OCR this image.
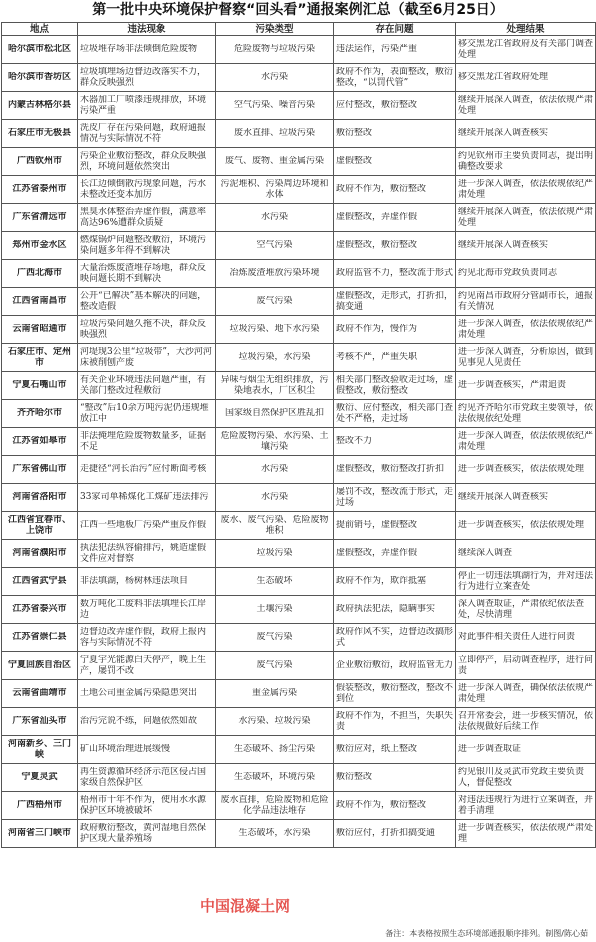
第一批中央环境保护督察“回头看”通报案例汇总（截至6月25日）
地点	违法现象	污染类型	存在问题	处理结果

哈尔滨市松北区	垃圾堆存场非法倾倒危险废物	危险废物与垃圾污染	违法运作，污染严重	移交黑龙江省政府及有关部门调查处理

哈尔滨市香坊区	垃圾填埋场边督边改落实不力，群众反映强烈	水污染	政府不作为，表面整改，敷衍整改，“以罚代管”	移交黑龙江省政府处理

内蒙古林格尔县	木器加工厂喷漆违规排放，环境污染严重	空气污染、噪音污染	应付整改，敷衍整改	继续开展深入调查，依法依规严肃处理

石家庄市无极县	洗皮厂存在污染问题，政府通报情况与实际情况不符	废水直排、垃圾污染	敷衍整改	继续开展深入调查核实

广西钦州市	污染企业敷衍整改，群众反映强烈，环境问题依然突出	废气、废物、重金属污染	虚假整改	约见钦州市主要负责同志，提出明确整改要求

江苏省泰州市	长江边倾倒散污现象问题，污水未整改还变本加厉	污泥堆积、污染周边环境和水体	政府不作为，敷衍整改	进一步深入调查，依法依规依纪严肃处理

广东省清远市	黑臭水体整治弄虚作假，满意率高达96%遭群众质疑	水污染	虚假整改，弄虚作假	继续开展深入调查，依法依规严肃处理

郑州市金水区	燃煤锅炉问题整改敷衍，环境污染问题多年得不到解决	空气污染	虚假整改，敷衍整改	继续开展深入调查核实

广西北海市	大量治炼废渣堆存场地，群众反映问题长期不到解决	冶炼废渣堆放污染环境	政府监管不力，整改流于形式	约见北海市党政负责同志

江西省南昌市	公开“已解决”基本解决的问题，整改造假	废气污染	虚假整改，走形式，打折扣，搞变通	约见南昌市政府分管副市长，通报有关情况

云南省昭通市	垃圾污染问题久拖不决，群众反映强烈	垃圾污染、地下水污染	政府不作为，慢作为	进一步深入调查，依法依规依纪严肃处理

石家庄市、定州市	河堤现3公里“垃圾带”，大沙河河床被削刨产废	垃圾污染，水污染	考核不严，严重失职	进一步深入调查，分析原因，做到见事见人见责任

宁夏石嘴山市	有关企业环境违法问题严重，有关部门整改过程敷衍	异味与烟尘无组织排放，污染地表水，厂区积尘	相关部门整改验收走过场，虚假整改，敷衍整改	进一步调查核实，严肃追责

齐齐哈尔市	“整改”后10余万吨污泥仍违规堆放江中	国家级自然保护区胜乱扣	敷衍、应付整改，相关部门查处不严格，走过场	约见齐齐哈尔市党政主要领导，依法依规依纪处理

江苏省如皋市	非法掩埋危险废物数量多，证据不足	危险废物污染、水污染、土壤污染	整改不力	进一步深入调查，依法依规依纪严肃处理

广东省佛山市	走捷径“河长治污”应付断面考核	水污染	虚假整改，敷衍整改打折扣	进一步调查核实，依法依规处理

河南省洛阳市	33家司单稀煤化工煤矿违法排污	水污染	屡罚不改，整改流于形式，走过场	继续开展深入调查核实

江西省宜春市、上饶市	江西一些地板厂污染严重反作假	废水、废气污染、危险废物堆积	提前销号，虚假整改	进一步调查核实，依法依规处理

河南省濮阳市	执法犯法纵容偷排污，姚造虚假文件应对督察	垃圾污染	虚假整改，弄虚作假	继续深入调查

江西省武宁县	非法填湖，杨树林违法项目	生态破坏	政府不作为，欺诈抵塞	停止一切违法填湖行为，并对违法行为进行立案查处

江苏省泰兴市	数万吨化工废料非法填埋长江岸边	土壤污染	政府执法犯法，隐瞒事实	深入调查取证，严肃依纪依法查处，尽快清理

江苏省崇仁县	边督边改弄虚作假，政府上报内容与实际情况不符	废气污染	政府作风不实，边督边改搞形式	对此事件相关责任人进行问责

宁夏回族自治区	宁夏宇光能源白天停产，晚上生产，屡罚不改	废气污染	企业敷衍敷衍，政府监管无力	立即停产，启动调查程序，进行问责

云南省曲靖市	土地公司重金属污染隐患突出	重金属污染	假装整改，敷衍整改，整改不到位	进一步深入调查，确保依法依规严肃处理

广东省汕头市	治污完说不练，问题依然如故	水污染、垃圾污染	政府不作为，不担当，失职失责	召开常委会，进一步核实情况，依法依规做好后续工作

河南新乡、三门峡	矿山环境治理进展缓慢	生态破坏、扬尘污染	敷衍应对，纸上整改	进一步调查取证

宁夏灵武	再生资源循环经济示范区侵占国家级自然保护区	生态破坏，环境污染	敷衍整改	约见银川及灵武市党政主要负责人，督促整改

广西梧州市	梧州市十年不作为，使用水水源保护区环境被破坏	废水直排，危险废物和危险化学品违法堆存	政府不作为，敷衍整改	对违法违规行为进行立案调查，并着手清理

河南省三门峡市	政府敷衍整改，黄河湿地自然保护区现大量养殖场	生态破坏，水污染	敷衍应付，打折扣搞变通	进一步调查核实，依法依规严肃处理
中国混凝土网
备注：本表格按照生态环境部通报顺序排列。制图/陈心茹
